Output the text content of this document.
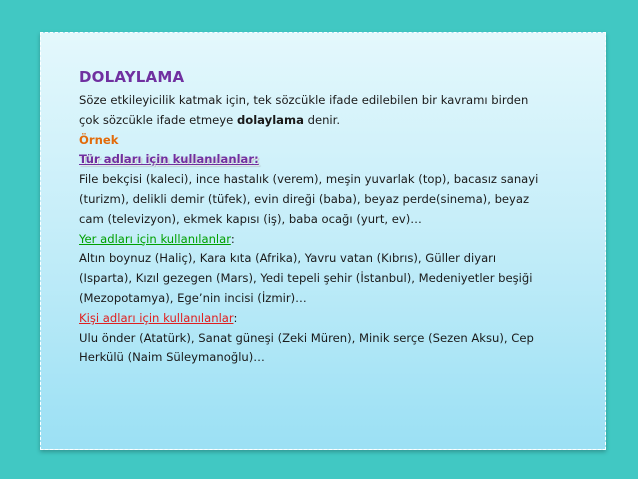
DOLAYLAMA

Söze etkileyicilik katmak için, tek sözcükle ifade edilebilen bir kavramı birden

çok sözcükle ifade etmeye dolaylama denir.

Örnek

Tür adları için kullanılanlar:

File bekçisi (kaleci), ince hastalık (verem), meşin yuvarlak (top), bacasız sanayi

(turizm), delikli demir (tüfek), evin direği (baba), beyaz perde(sinema), beyaz

cam (televizyon), ekmek kapısı (iş), baba ocağı (yurt, ev)…

Yer adları için kullanılanlar:

Altın boynuz (Haliç), Kara kıta (Afrika), Yavru vatan (Kıbrıs), Güller diyarı

(Isparta), Kızıl gezegen (Mars), Yedi tepeli şehir (İstanbul), Medeniyetler beşiği

(Mezopotamya), Ege’nin incisi (İzmir)…

Kişi adları için kullanılanlar:

Ulu önder (Atatürk), Sanat güneşi (Zeki Müren), Minik serçe (Sezen Aksu), Cep

Herkülü (Naim Süleymanoğlu)…
